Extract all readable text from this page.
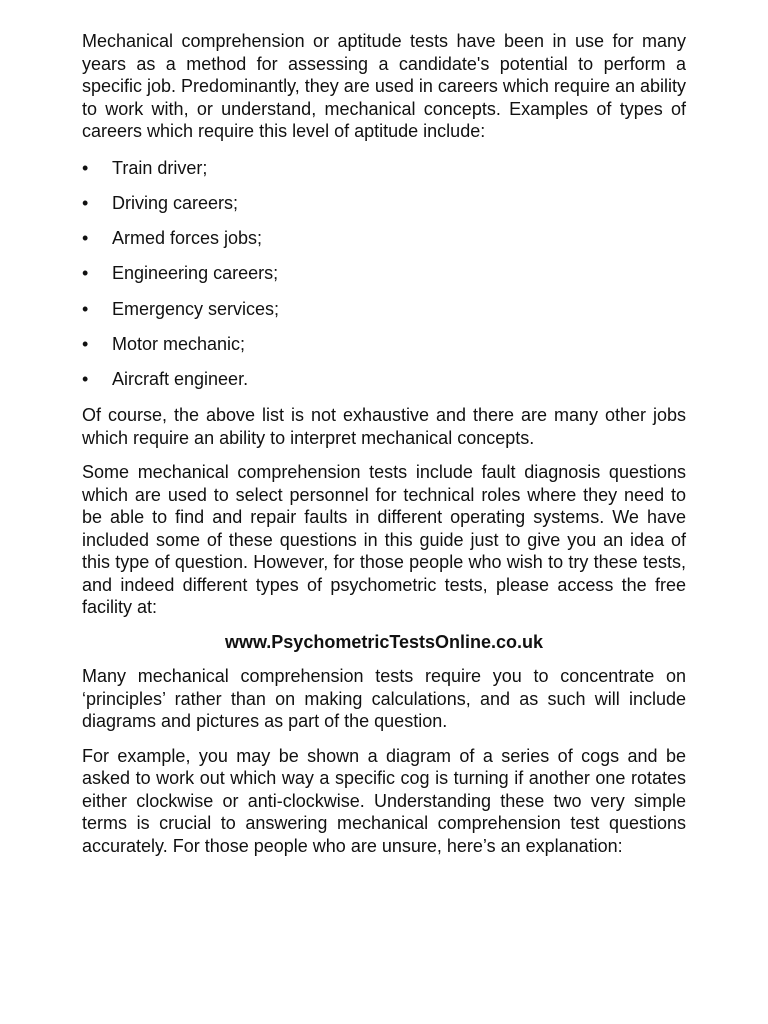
Mechanical comprehension or aptitude tests have been in use for many years as a method for assessing a candidate's potential to perform a specific job. Predominantly, they are used in careers which require an ability to work with, or understand, mechanical concepts. Examples of types of careers which require this level of aptitude include:

•	Train driver;
•	Driving careers;
•	Armed forces jobs;
•	Engineering careers;
•	Emergency services;
•	Motor mechanic;
•	Aircraft engineer.

Of course, the above list is not exhaustive and there are many other jobs which require an ability to interpret mechanical concepts.

Some mechanical comprehension tests include fault diagnosis questions which are used to select personnel for technical roles where they need to be able to find and repair faults in different operating systems. We have included some of these questions in this guide just to give you an idea of this type of question. However, for those people who wish to try these tests, and indeed different types of psychometric tests, please access the free facility at:

www.PsychometricTestsOnline.co.uk

Many mechanical comprehension tests require you to concentrate on ‘principles’ rather than on making calculations, and as such will include diagrams and pictures as part of the question.

For example, you may be shown a diagram of a series of cogs and be asked to work out which way a specific cog is turning if another one rotates either clockwise or anti-clockwise. Understanding these two very simple terms is crucial to answering mechanical comprehension test questions accurately. For those people who are unsure, here’s an explanation:
